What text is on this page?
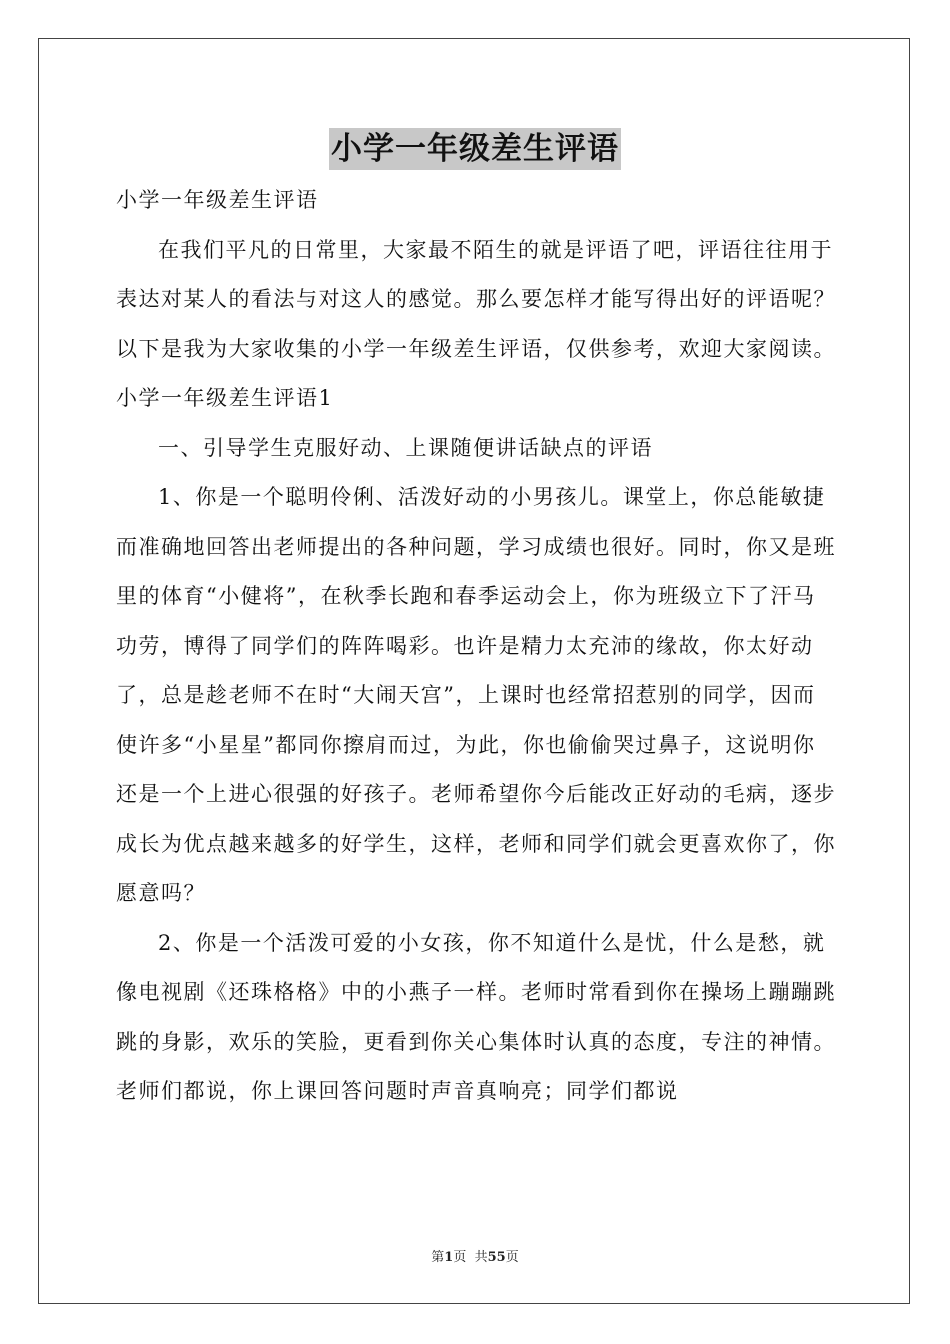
小学一年级差生评语

小学一年级差生评语

在我们平凡的日常里，大家最不陌生的就是评语了吧，评语往往用于表达对某人的看法与对这人的感觉。那么要怎样才能写得出好的评语呢？以下是我为大家收集的小学一年级差生评语，仅供参考，欢迎大家阅读。

小学一年级差生评语1

一、引导学生克服好动、上课随便讲话缺点的评语

1、你是一个聪明伶俐、活泼好动的小男孩儿。课堂上，你总能敏捷而准确地回答出老师提出的各种问题，学习成绩也很好。同时，你又是班里的体育“小健将”，在秋季长跑和春季运动会上，你为班级立下了汗马功劳，博得了同学们的阵阵喝彩。也许是精力太充沛的缘故，你太好动了，总是趁老师不在时“大闹天宫”，上课时也经常招惹别的同学，因而使许多“小星星”都同你擦肩而过，为此，你也偷偷哭过鼻子，这说明你还是一个上进心很强的好孩子。老师希望你今后能改正好动的毛病，逐步成长为优点越来越多的好学生，这样，老师和同学们就会更喜欢你了，你愿意吗？

2、你是一个活泼可爱的小女孩，你不知道什么是忧，什么是愁，就像电视剧《还珠格格》中的小燕子一样。老师时常看到你在操场上蹦蹦跳跳的身影，欢乐的笑脸，更看到你关心集体时认真的态度，专注的神情。老师们都说，你上课回答问题时声音真响亮；同学们都说

第1页  共55页
